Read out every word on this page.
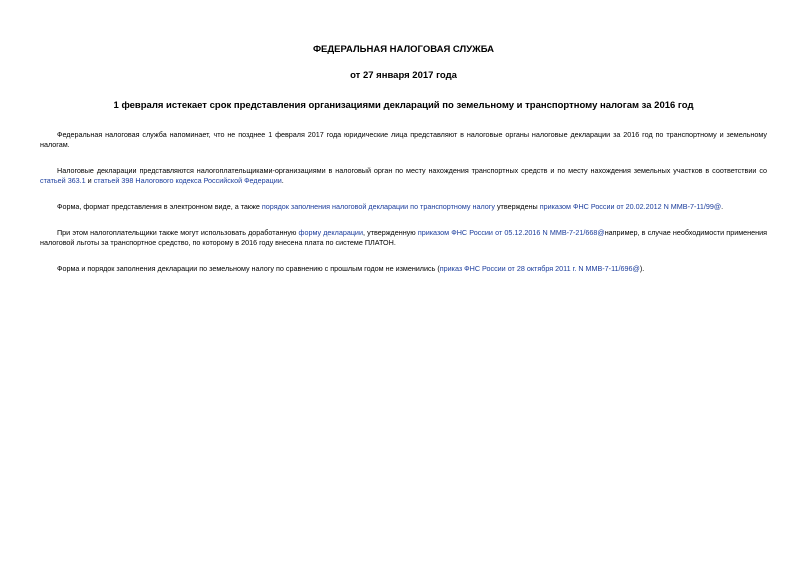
ФЕДЕРАЛЬНАЯ НАЛОГОВАЯ СЛУЖБА
от 27 января 2017 года
1 февраля истекает срок представления организациями деклараций по земельному и транспортному налогам за 2016 год

Федеральная налоговая служба напоминает, что не позднее 1 февраля 2017 года юридические лица представляют в налоговые органы налоговые декларации за 2016 год по транспортному и земельному налогам.

Налоговые декларации представляются налогоплательщиками-организациями в налоговый орган по месту нахождения транспортных средств и по месту нахождения земельных участков в соответствии со статьей 363.1 и статьей 398 Налогового кодекса Российской Федерации.

Форма, формат представления в электронном виде, а также порядок заполнения налоговой декларации по транспортному налогу утверждены приказом ФНС России от 20.02.2012 N ММВ-7-11/99@.

При этом налогоплательщики также могут использовать доработанную форму декларации, утвержденную приказом ФНС России от 05.12.2016 N ММВ-7-21/668@например, в случае необходимости применения налоговой льготы за транспортное средство, по которому в 2016 году внесена плата по системе ПЛАТОН.

Форма и порядок заполнения декларации по земельному налогу по сравнению с прошлым годом не изменились (приказ ФНС России от 28 октября 2011 г. N ММВ-7-11/696@).
